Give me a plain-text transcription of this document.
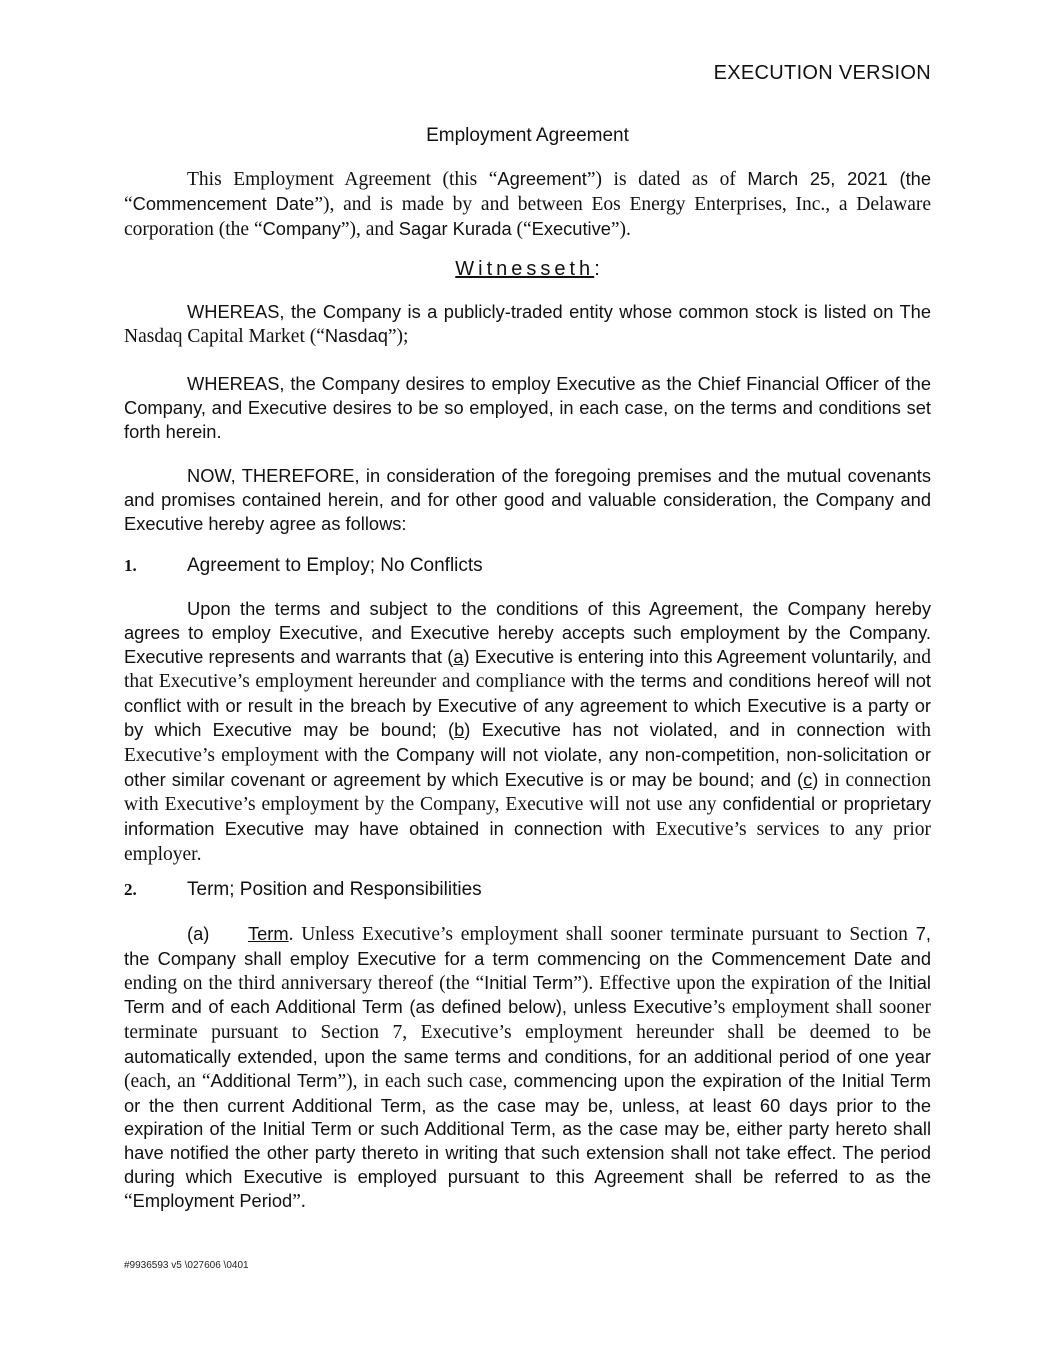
EXECUTION VERSION
Employment Agreement

This Employment Agreement (this “Agreement”) is dated as of March 25, 2021 (the “Commencement Date”), and is made by and between Eos Energy Enterprises, Inc., a Delaware corporation (the “Company”), and Sagar Kurada (“Executive”).

Witnesseth:

WHEREAS, the Company is a publicly-traded entity whose common stock is listed on The Nasdaq Capital Market (“Nasdaq”);

WHEREAS, the Company desires to employ Executive as the Chief Financial Officer of the Company, and Executive desires to be so employed, in each case, on the terms and conditions set forth herein.

NOW, THEREFORE, in consideration of the foregoing premises and the mutual covenants and promises contained herein, and for other good and valuable consideration, the Company and Executive hereby agree as follows:

1.	Agreement to Employ; No Conflicts

Upon the terms and subject to the conditions of this Agreement, the Company hereby agrees to employ Executive, and Executive hereby accepts such employment by the Company. Executive represents and warrants that (a) Executive is entering into this Agreement voluntarily, and that Executive’s employment hereunder and compliance with the terms and conditions hereof will not conflict with or result in the breach by Executive of any agreement to which Executive is a party or by which Executive may be bound; (b) Executive has not violated, and in connection with Executive’s employment with the Company will not violate, any non-competition, non-solicitation or other similar covenant or agreement by which Executive is or may be bound; and (c) in connection with Executive’s employment by the Company, Executive will not use any confidential or proprietary information Executive may have obtained in connection with Executive’s services to any prior employer.

2.	Term; Position and Responsibilities

(a) Term. Unless Executive’s employment shall sooner terminate pursuant to Section 7, the Company shall employ Executive for a term commencing on the Commencement Date and ending on the third anniversary thereof (the “Initial Term”). Effective upon the expiration of the Initial Term and of each Additional Term (as defined below), unless Executive’s employment shall sooner terminate pursuant to Section 7, Executive’s employment hereunder shall be deemed to be automatically extended, upon the same terms and conditions, for an additional period of one year (each, an “Additional Term”), in each such case, commencing upon the expiration of the Initial Term or the then current Additional Term, as the case may be, unless, at least 60 days prior to the expiration of the Initial Term or such Additional Term, as the case may be, either party hereto shall have notified the other party thereto in writing that such extension shall not take effect. The period during which Executive is employed pursuant to this Agreement shall be referred to as the “Employment Period”.

#9936593 v5 \027606 \0401
